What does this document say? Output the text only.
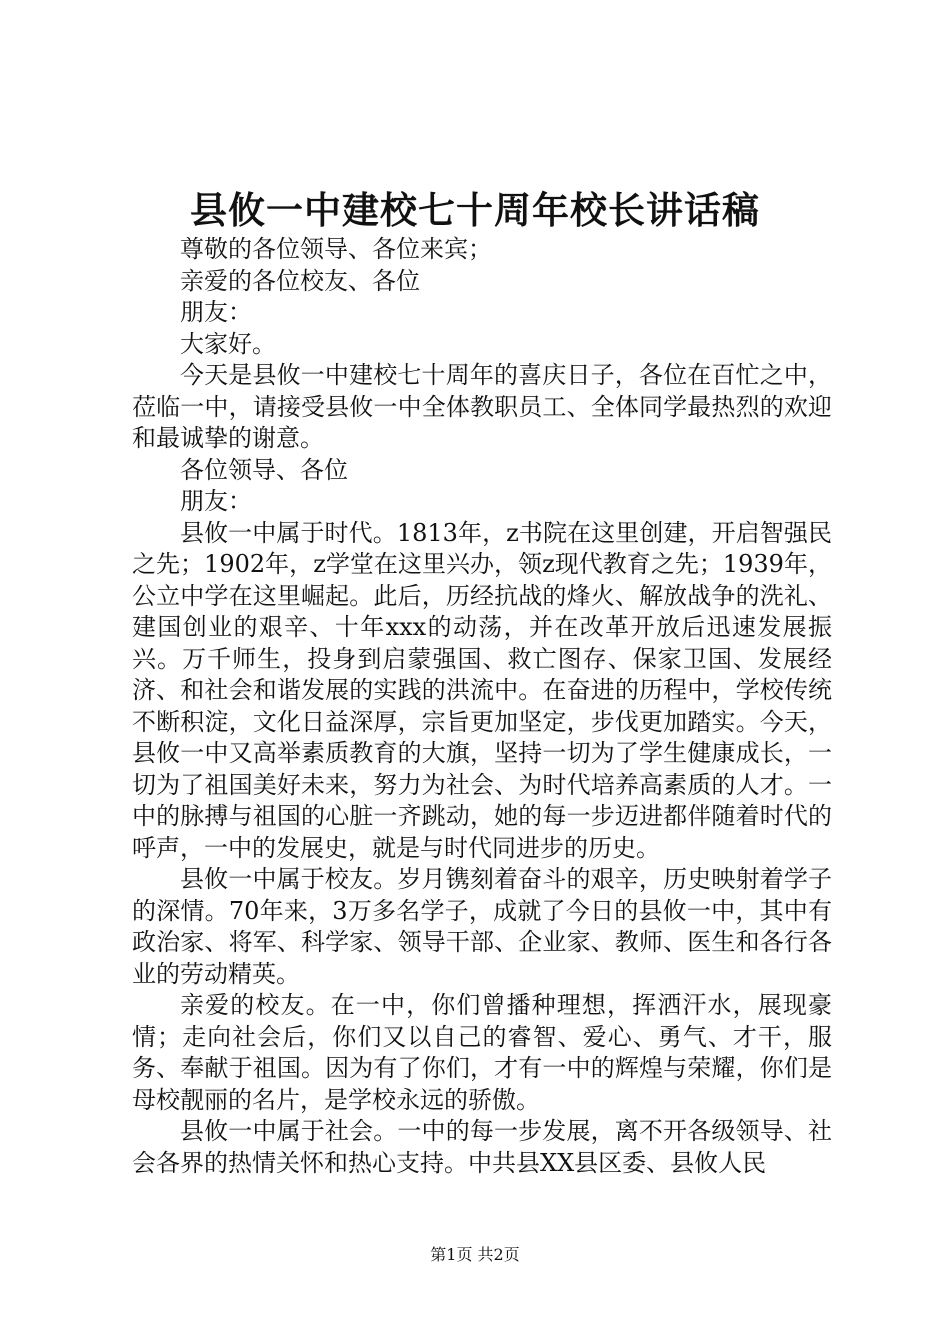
县攸一中建校七十周年校长讲话稿

尊敬的各位领导、各位来宾；

亲爱的各位校友、各位

朋友：

大家好。

今天是县攸一中建校七十周年的喜庆日子，各位在百忙之中，莅临一中，请接受县攸一中全体教职员工、全体同学最热烈的欢迎和最诚挚的谢意。

各位领导、各位

朋友：

县攸一中属于时代。1813年，z书院在这里创建，开启智强民之先；1902年，z学堂在这里兴办，领z现代教育之先；1939年，公立中学在这里崛起。此后，历经抗战的烽火、解放战争的洗礼、建国创业的艰辛、十年xxx的动荡，并在改革开放后迅速发展振兴。万千师生，投身到启蒙强国、救亡图存、保家卫国、发展经济、和社会和谐发展的实践的洪流中。在奋进的历程中，学校传统不断积淀，文化日益深厚，宗旨更加坚定，步伐更加踏实。今天，县攸一中又高举素质教育的大旗，坚持一切为了学生健康成长，一切为了祖国美好未来，努力为社会、为时代培养高素质的人才。一中的脉搏与祖国的心脏一齐跳动，她的每一步迈进都伴随着时代的呼声，一中的发展史，就是与时代同进步的历史。

县攸一中属于校友。岁月镌刻着奋斗的艰辛，历史映射着学子的深情。70年来，3万多名学子，成就了今日的县攸一中，其中有政治家、将军、科学家、领导干部、企业家、教师、医生和各行各业的劳动精英。

亲爱的校友。在一中，你们曾播种理想，挥洒汗水，展现豪情；走向社会后，你们又以自己的睿智、爱心、勇气、才干，服务、奉献于祖国。因为有了你们，才有一中的辉煌与荣耀，你们是母校靓丽的名片，是学校永远的骄傲。

县攸一中属于社会。一中的每一步发展，离不开各级领导、社会各界的热情关怀和热心支持。中共县XX县区委、县攸人民

第1页 共2页
